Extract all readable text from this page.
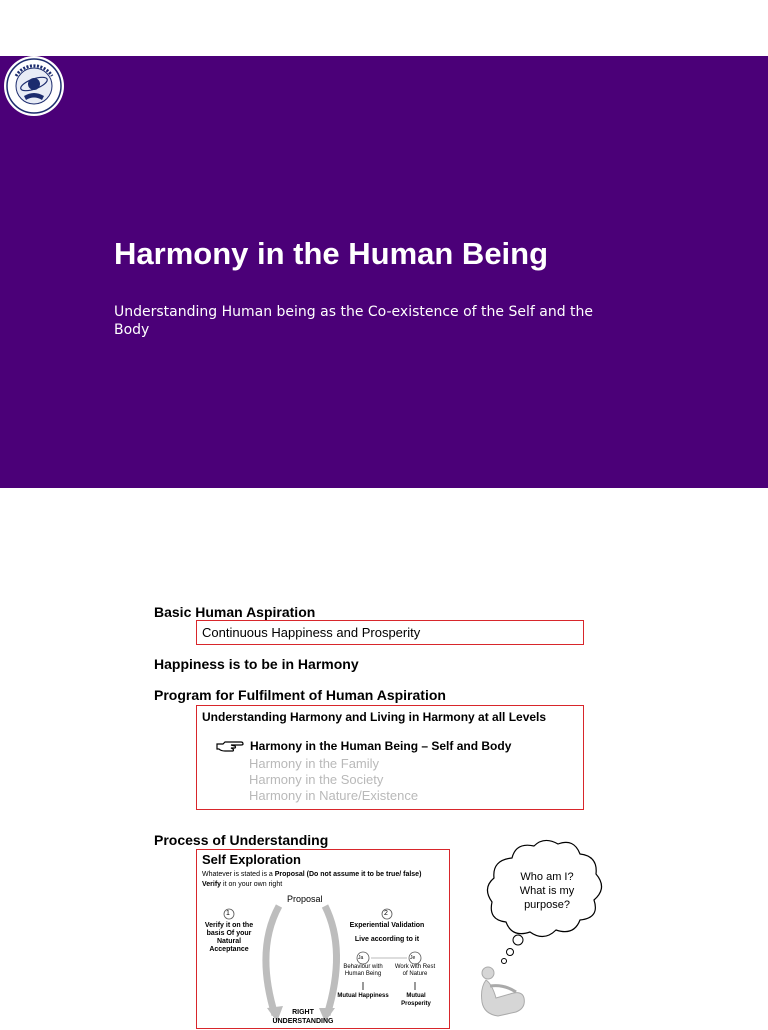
Harmony in the Human Being

Understanding Human being as the Co-existence of the Self and the Body

Basic Human Aspiration
Continuous Happiness and Prosperity
Happiness is to be in Harmony
Program for Fulfilment of Human Aspiration
Understanding Harmony and Living in Harmony at all Levels
Harmony in the Human Being – Self and Body
Harmony in the Family
Harmony in the Society
Harmony in Nature/Existence
Process of Understanding
Self Exploration
Whatever is stated is a Proposal (Do not assume it to be true/ false)
Verify it on your own right
Proposal
1	2
Verify it on the basis Of your Natural Acceptance
Experiential Validation
Live according to it
Ja	Je
Behaviour with Human Being
Work with Rest of Nature
Mutual Happiness	Mutual Prosperity
RIGHT
UNDERSTANDING
Who am I?
What is my
purpose?
